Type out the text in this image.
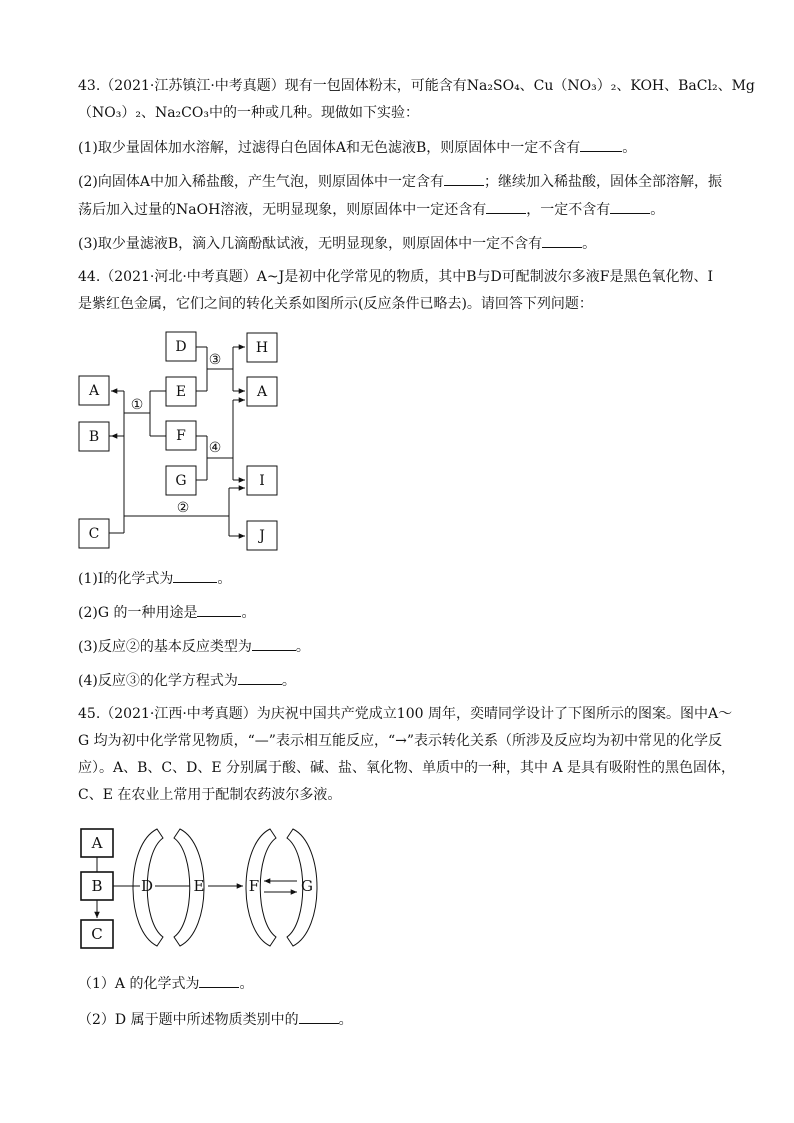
43.（2021·江苏镇江·中考真题）现有一包固体粉末，可能含有Na₂SO₄、Cu（NO₃）₂、KOH、BaCl₂、Mg
（NO₃）₂、Na₂CO₃中的一种或几种。现做如下实验：
(1)取少量固体加水溶解，过滤得白色固体A和无色滤液B，则原固体中一定不含有	。
(2)向固体A中加入稀盐酸，产生气泡，则原固体中一定含有	；继续加入稀盐酸，固体全部溶解，振
荡后加入过量的NaOH溶液，无明显现象，则原固体中一定还含有	，一定不含有	。
(3)取少量滤液B，滴入几滴酚酞试液，无明显现象，则原固体中一定不含有	。
44.（2021·河北·中考真题）A~J是初中化学常见的物质，其中B与D可配制波尔多液F是黑色氧化物、I
是紫红色金属，它们之间的转化关系如图所示(反应条件已略去)。请回答下列问题：
D
E
F
G
H
A
I
J
A
B
C
①
②
③
④
(1)I的化学式为	。
(2)G 的一种用途是	。
(3)反应②的基本反应类型为	。
(4)反应③的化学方程式为	。
45.（2021·江西·中考真题）为庆祝中国共产党成立100 周年，奕晴同学设计了下图所示的图案。图中A～
G 均为初中化学常见物质，“—”表示相互能反应，“→”表示转化关系（所涉及反应均为初中常见的化学反
应）。A、B、C、D、E 分别属于酸、碱、盐、氧化物、单质中的一种，其中 A 是具有吸附性的黑色固体，
C、E 在农业上常用于配制农药波尔多液。
A
B
C
D	E	F	G
（1）A 的化学式为	。
（2）D 属于题中所述物质类别中的	。
